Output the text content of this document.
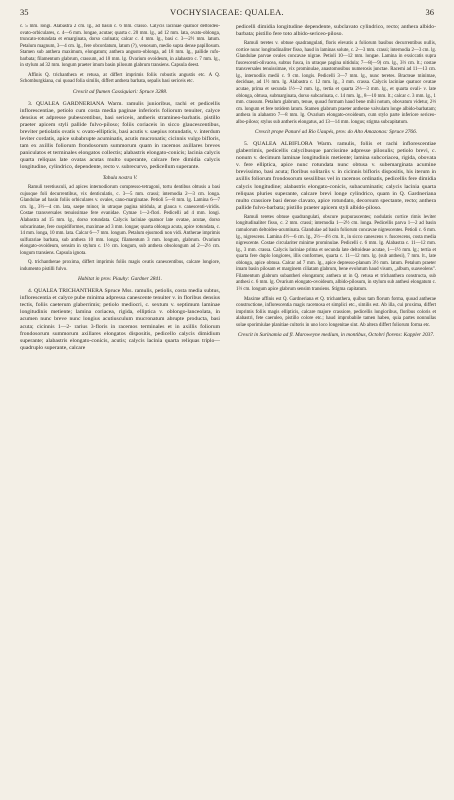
35	VOCHYSIACEAE: QUALEA.	36

c. 5 mm. longi. Alabastra 2 cm. lg., ad basin c. 6 mm. crasso. Calycis laciniae quatuor deltoideo-ovato-orbiculares, c. 4—6 mm. longae, acutae; quarta c. 20 mm. lg., ad 12 mm. lata, ovato-oblonga, truncato-rotundata et emarginata, dorso carinata; calcar c. 4 mm. lg., basi c. 3—2½ mm. latum. Petalum magnum, 3—4 cm. lg., fere obcordatum, latum (?), venosum, medio supra dense papillosum. Stamen sub anthera maximum, elongatum; anthera angusto-oblonga, ad 18 mm. lg., pallide rufo-barbata; filamentum glabrum, crassum, ad 10 mm. lg. Ovarium ovoideum, in alabastro c. 7 mm. lg., in stylum ad 32 mm. longum praeter imum basin pilosum glabrum transiens. Capsula deest.

Affinis Q. trichanthera et retusa, at differt imprimis foliis robustis angustis etc. A Q. Schomburgkiana, cui quoad folia similis, differt anthera barbata, sepalis basi sericeis etc.

Crescit ad flumen Cassiquiari: Spruce 3288.

3. QUALEA GARDNERIANA Warm. ramulis junioribus, rachi et pedicellis inflorescentiae, petiolo cum costa media paginae inferioris foliorum tenuiter, calyce densius et adpresse pubescentibus, basi sericeis, antheris stramineo-barbatis. pistillo praeter apicem styli pallide fulvo-piloso; foliis coriaceis in sicco glaucescentibus, breviter petiolatis ovatis v. ovato-ellipticis, basi acutis v. saepius rotundatis, v. interdum leviter cordatis, apice subabrupte acuminatis, acutis mucronatis; cicinnis vulgo bifloris, tam ex axillis foliorum frondosorum summorum quam in racemos axillares breves paniculatos et terminales elongatos collectis; alabastris elongato-conicis; lacinia calycis quarta reliquas late ovatas acutas multo superante, calcare fere dimidia calycis longitudine, cylindrico, dependente, recto v. subrecurvo, pedicellum superante.

Tabula nostra V.

Ramuli teretiusculi, ad apices internodiorum compresso-tetragoni, tortu dentibus obtusis a basi cujusque foli decurrentibus, vix denticulatis, c. 3—5 mm. crassi; internodia 2—3 cm. longa. Glandulae ad basin foliis orbiculares v. ovales, cano-marginatae. Petioli 5—8 mm. lg. Lamina 6—7 cm. lg., 3½—4 cm. lata, saepe minor, in utraque pagina nitidula, at glauca v. canescenti-viridis. Costae transversales tenuissimae fere evanidae. Cymae 1—2-flori. Pedicelli ad 4 mm. longi. Alabastra ad 15 mm. lg., dorso rotundata. Calycis laciniae quatuor late ovatae, acutae, dorso subcarinatae, fere cuspidiformes, maximae ad 3 mm. longae; quarta oblonga acuta, apice rotundata, c. 14 mm. longa, 10 mm. lata. Calcar 6—7 mm. longum. Petalum ejusmodi non vidi. Antherae imprimis sulfurariae barbata, sub anthera 10 mm. longa; filamentum 3 mm. longum, glabrum. Ovarium elongato-ovoideum, sensim in stylum c. 1½ cm. longum, sub anthera obsolongum ad 2—2½ cm. longum transiens. Capsula ignota.

Q. trichantherae proxima, differt imprimis foliis magis ovatis canescentibus, calcare longiore, indumento pistilli fulvo.

Habitat in prov. Piauhy: Gardner 2841.

4. QUALEA TRICHANTHERA Spruce Mss. ramulis, petiolis, costa media subtus, inflorescentia et calyce pube minima adpressa canescente tenuiter v. in floribus densius tectis, foliis caeterum glaberrimis; petiolo mediocri, c. sextum v. septimum laminae longitudinis metiente; lamina coriacea, rigida, elliptica v. oblongo-lanceolata, in acumen nunc breve nunc longius acutiusculum mucronatum abrupte producta, basi acuta; cicinnis 1—2- rarius 3-floris in racemos terminales et in axillis foliorum frondosorum summorum axillares elongatos dispositis, pedicello calycis dimidium superante; alabastris elongato-conicis, acutis; calycis lacinia quarta reliquas triplo—quadruplo superante, calcare

pedicelli dimidia longitudine dependente, subclavato cylindrico, recto; anthera albido-barbata; pistillo fere toto albido-sericeo-piloso.

Ramuli teretes v. obtuse quadrangulati, floris elevatis a foliorum basibus decurrentibus nullis, cortice nunc longitudinaliter fisso, haud in laminas solute, c. 2—3 mm. crassi; internodia 2—3 cm. lg. Glandulae parvae ovales concavae nigrae. Petioli 10—12 mm. longae. Lamina in exsiccatis supra fuscescenti-olivacea, subtus fusca, in utraque pagina nitidula; 7—8(—9) cm. lg., 3⅔ cm. lt.; costae transversales tenuissimae, vix prominulae, anastomosibus numerosis junctae. Racemi ad 11—13 cm. lg., internodiis medii c. 9 cm. longis. Pedicelli 3—7 mm. lg., nunc teretes. Bracteae minimae, deciduae, ad 1½ mm. lg. Alabastra c. 12 mm. lg., 3 mm. crassa. Calycis laciniae quatuor ovatae acutae, prima et secunda 1½—2 mm. lg., tertia et quarta 2⅓—3 mm. lg., et quarta ovali- v. late oblonga, obtusa, submarginata, dorso subcarinata, c. 14 mm. lg., 8—10 mm. lt.; calcar c. 3 mm. lg., 1 mm. crassum. Petalum glabrum, tenue, quoad formam haud bene mihi notum, obovatum videtur, 2⅓ cm. longum et fere totidem latum. Stamen glabrum praeter antherae valvulam longe albido-barbatam; anthera in alabastro 7—8 mm. lg. Ovarium elongato-ovoideum, cum stylo parte inferiore sericeo-albo-piloso; stylus sub antheris elongatus, ad 13—14 mm. longus; stigma subcapitatum.

Crescit prope Panuré ad Rio Uaupés, prov. do Alto Amazonas: Spruce 2766.

5. QUALEA ALBIFLORA Warm. ramulis, foliis et rachi inflorescentiae glaberrimis, pedicellis calycibusque parcissime adpresse pilosulis; petiolo brevi, c. nonum v. decimum laminae longitudinis metiente; lamina subcoriacea, rigida, obovata v. fere elliptica, apice nunc rotundata nunc obtusa v. subemarginata acumine brevissimo, basi acuta; floribus solitariis v. in cicinnis bifloris dispositis, his iterum in axillis foliorum frondosorum sessilibus vel in racemos ordinatis, pedicellis fere dimidia calycis longitudine; alabastris elongato-conicis, subacuminatis; calycis lacinia quarta reliquas pluries superante, calcare brevi longe cylindrico, quam in Q. Gardneriana multo crassiore basi dense clavato, apice rotundato, decorsum spectante, recto; anthera pallide fulvo-barbata; pistillo praeter apicem styli albido-piloso.

Ramuli teretes obtuse quadrangulati, obscure purpurascentes; nodulatis cortice rimis leviter longitudinaliter fisso, c. 2 mm. crassi; internodia 1—2½ cm. longa. Pedicellis parva 1—2 ad basin ramulorum deltoideo-acuminata. Glandulae ad basin foliorum concavae nigrescentes. Petioli c. 6 mm. lg., nigrescens. Lamina 4½—6 cm. lg., 2½—4½ cm. lt., in sicco canescens v. fuscescens, costa media nigrescente. Costae circulariter minime prominulae. Pedicelli c. 6 mm. lg. Alabastra c. 11—12 mm. lg., 3 mm. crassa. Calycis laciniae prima et secunda late deltoideae acutae, 1—1½ mm. lg.; tertia et quarta fere duplo longiores, illis conformes, quarta c. 11—12 mm. lg. (sub anthesi), 7 mm. lt., late oblonga, apice obtusa. Calcar ad 7 mm. lg., apice depresso-planum 3½ mm. latum. Petalum praeter imam basin pilosam et marginem ciliatam glabrum, bene evolutum haud visum, „album, suaveolens". Filamentum glabrum subantheri elongatum; anthera ut in Q. retusa et trichanthera constructa, sub anthesi c. 6 mm. lg. Ovarium elongato-ovoideum, albido-pilosum, in stylum sub anthesi elongatum c. 1⅔ cm. longum apice glabrum sensim transiens. Stigma capitatum.

Maxime affinis est Q. Gardneriana et Q. trichanthera, quibus tam florum forma, quoad antherae constructione, inflorescentia magis racemosa et simplici etc., similis est. Ab illa, cui proxima, differt imprimis foliis magis ellipticis, calcare majore crassiore, pedicellis longioribus, floribus coloris et alabastri, fete caeruleo, pistillo colore etc.; haud improbabile tamen habeo, quia partes nonnullas solae sporimiulae planitiae cultoris in uno loco longenitae sint. Ab altera differt foliorum forma etc.

Crescit in Surinamia ad fl. Maroweyne medium, in montibus, Octobri florens: Kappler 2037.
